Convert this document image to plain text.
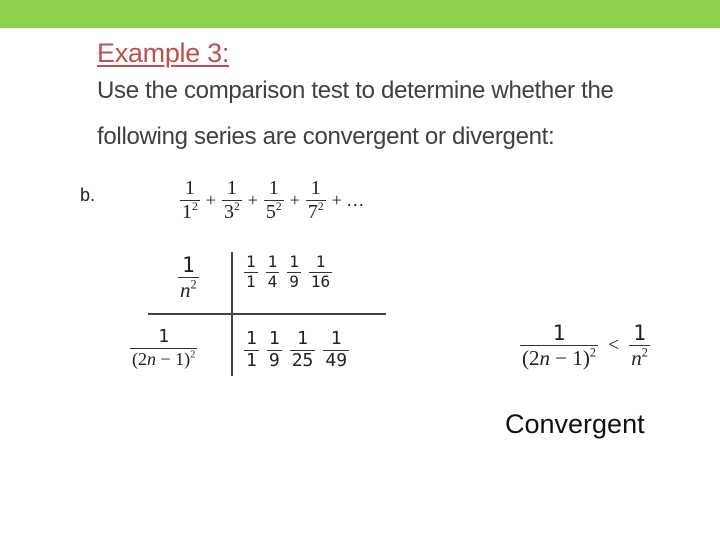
Example 3:
Use the comparison test to determine whether the
following series are convergent or divergent:
b.	$\frac{1}{1^2} + \frac{1}{3^2} + \frac{1}{5^2} + \frac{1}{7^2}$ + …
$\frac{1}{n^2}$	$\frac{1}{1} \frac{1}{4} \frac{1}{9} \frac{1}{16}$
$\frac{1}{(2n - 1)^2}$	$\frac{1}{1} \frac{1}{9} \frac{1}{25} \frac{1}{49}$	$\frac{1}{(2n - 1)^2} < \frac{1}{n^2}$
Convergent
